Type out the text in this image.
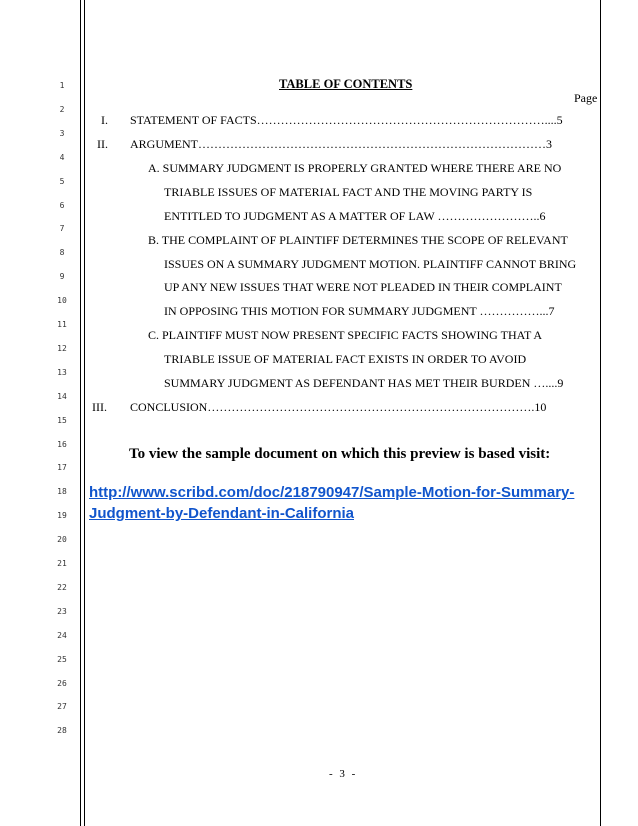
1
2
3
4
5
6
7
8
9
10
11
12
13
14
15
16
17
18
19
20
21
22
23
24
25
26
27
28
TABLE OF CONTENTS
Page
I. STATEMENT OF FACTS………………………………………………………………....5
II. ARGUMENT……………………………………………………………………………3
A. SUMMARY JUDGMENT IS PROPERLY GRANTED WHERE THERE ARE NO
TRIABLE ISSUES OF MATERIAL FACT AND THE MOVING PARTY IS
ENTITLED TO JUDGMENT AS A MATTER OF LAW ……………………..6
B. THE COMPLAINT OF PLAINTIFF DETERMINES THE SCOPE OF RELEVANT
ISSUES ON A SUMMARY JUDGMENT MOTION. PLAINTIFF CANNOT BRING
UP ANY NEW ISSUES THAT WERE NOT PLEADED IN THEIR COMPLAINT
IN OPPOSING THIS MOTION FOR SUMMARY JUDGMENT ……………...7
C. PLAINTIFF MUST NOW PRESENT SPECIFIC FACTS SHOWING THAT A
TRIABLE ISSUE OF MATERIAL FACT EXISTS IN ORDER TO AVOID
SUMMARY JUDGMENT AS DEFENDANT HAS MET THEIR BURDEN …....9
III. CONCLUSION……………………………………………………………………….10
To view the sample document on which this preview is based visit:
http://www.scribd.com/doc/218790947/Sample-Motion-for-Summary-Judgment-by-Defendant-in-California
- 3 -
